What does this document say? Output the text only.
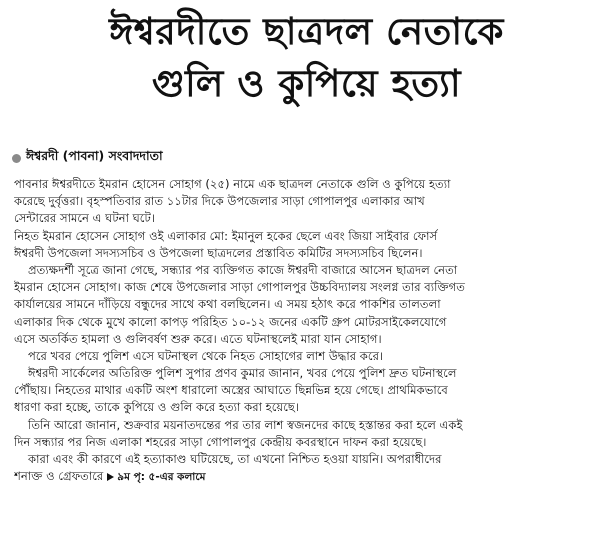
ঈশ্বরদীতে ছাত্রদল নেতাকে
গুলি ও কুপিয়ে হত্যা
ঈশ্বরদী (পাবনা) সংবাদদাতা
পাবনার ঈশ্বরদীতে ইমরান হোসেন সোহাগ (২৫) নামে এক ছাত্রদল নেতাকে গুলি ও কুপিয়ে হত্যা
করেছে দুর্বৃত্তরা। বৃহস্পতিবার রাত ১১টার দিকে উপজেলার সাড়া গোপালপুর এলাকার আখ
সেন্টারের সামনে এ ঘটনা ঘটে।
নিহত ইমরান হোসেন সোহাগ ওই এলাকার মো: ইমানুল হকের ছেলে এবং জিয়া সাইবার ফোর্স
ঈশ্বরদী উপজেলা সদস্যসচিব ও উপজেলা ছাত্রদলের প্রস্তাবিত কমিটির সদস্যসচিব ছিলেন।
প্রত্যক্ষদর্শী সূত্রে জানা গেছে, সন্ধ্যার পর ব্যক্তিগত কাজে ঈশ্বরদী বাজারে আসেন ছাত্রদল নেতা
ইমরান হোসেন সোহাগ। কাজ শেষে উপজেলার সাড়া গোপালপুর উচ্চবিদ্যালয় সংলগ্ন তার ব্যক্তিগত
কার্যালয়ের সামনে দাঁড়িয়ে বন্ধুদের সাথে কথা বলছিলেন। এ সময় হঠাৎ করে পাকশির তালতলা
এলাকার দিক থেকে মুখে কালো কাপড় পরিহিত ১০-১২ জনের একটি গ্রুপ মোটরসাইকেলযোগে
এসে অতর্কিত হামলা ও গুলিবর্ষণ শুরু করে। এতে ঘটনাস্থলেই মারা যান সোহাগ।
পরে খবর পেয়ে পুলিশ এসে ঘটনাস্থল থেকে নিহত সোহাগের লাশ উদ্ধার করে।
ঈশ্বরদী সার্কেলের অতিরিক্ত পুলিশ সুপার প্রণব কুমার জানান, খবর পেয়ে পুলিশ দ্রুত ঘটনাস্থলে
পৌঁছায়। নিহতের মাথার একটি অংশ ধারালো অস্ত্রের আঘাতে ছিন্নভিন্ন হয়ে গেছে। প্রাথমিকভাবে
ধারণা করা হচ্ছে, তাকে কুপিয়ে ও গুলি করে হত্যা করা হয়েছে।
তিনি আরো জানান, শুক্রবার ময়নাতদন্তের পর তার লাশ স্বজনদের কাছে হস্তান্তর করা হলে একই
দিন সন্ধ্যার পর নিজ এলাকা শহরের সাড়া গোপালপুর কেন্দ্রীয় কবরস্থানে দাফন করা হয়েছে।
কারা এবং কী কারণে এই হত্যাকাণ্ড ঘটিয়েছে, তা এখনো নিশ্চিত হওয়া যায়নি। অপরাধীদের
শনাক্ত ও গ্রেফতারে ৯ম পৃ: ৫-এর কলামে
